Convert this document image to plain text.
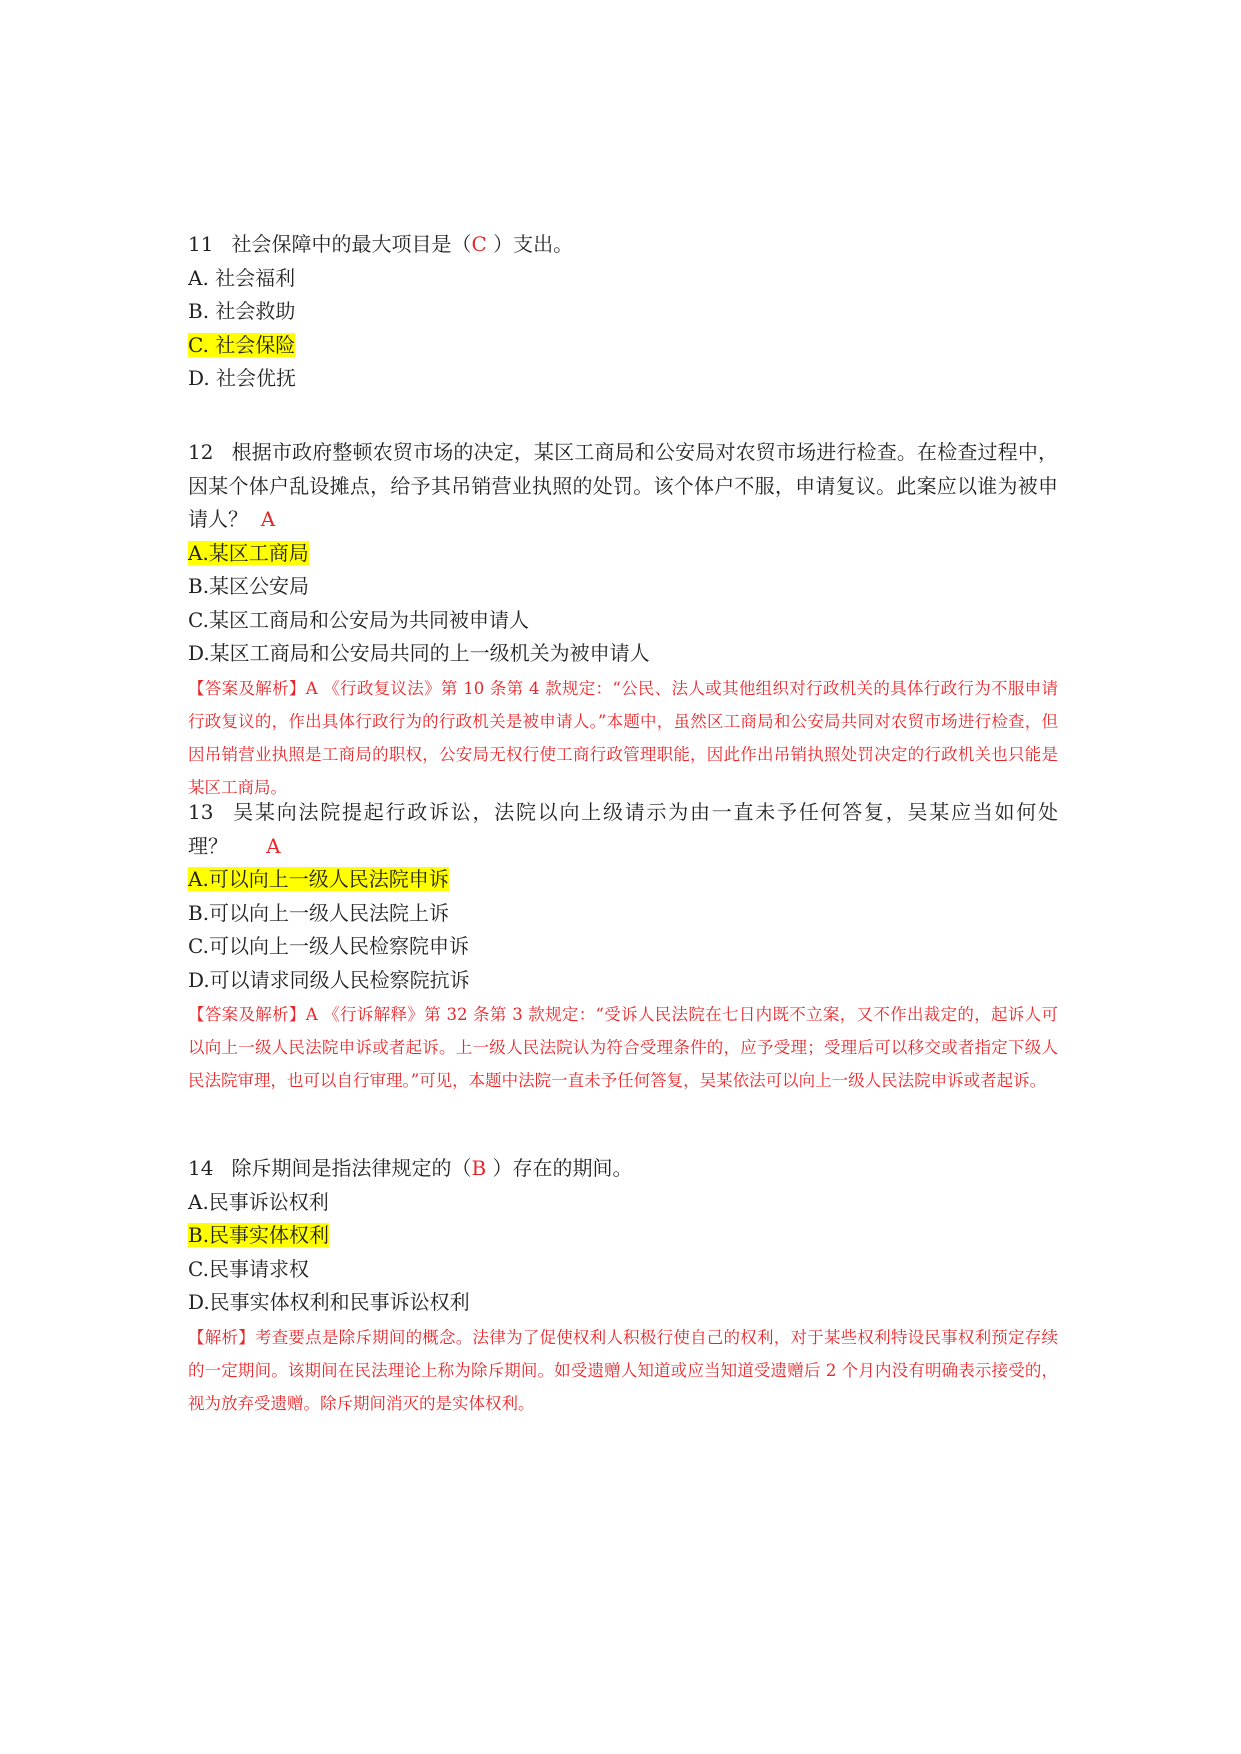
11 社会保障中的最大项目是（C ）支出。
A. 社会福利
B. 社会救助
C. 社会保险
D. 社会优抚
12 根据市政府整顿农贸市场的决定，某区工商局和公安局对农贸市场进行检查。在检查过程中，因某个体户乱设摊点，给予其吊销营业执照的处罚。该个体户不服，申请复议。此案应以谁为被申请人？ A
A.某区工商局
B.某区公安局
C.某区工商局和公安局为共同被申请人
D.某区工商局和公安局共同的上一级机关为被申请人
【答案及解析】A 《行政复议法》第 10 条第 4 款规定：“公民、法人或其他组织对行政机关的具体行政行为不服申请行政复议的，作出具体行政行为的行政机关是被申请人。”本题中，虽然区工商局和公安局共同对农贸市场进行检查，但因吊销营业执照是工商局的职权，公安局无权行使工商行政管理职能，因此作出吊销执照处罚决定的行政机关也只能是某区工商局。
13 吴某向法院提起行政诉讼，法院以向上级请示为由一直未予任何答复，吴某应当如何处理？ A
A.可以向上一级人民法院申诉
B.可以向上一级人民法院上诉
C.可以向上一级人民检察院申诉
D.可以请求同级人民检察院抗诉
【答案及解析】A 《行诉解释》第 32 条第 3 款规定：“受诉人民法院在七日内既不立案，又不作出裁定的，起诉人可以向上一级人民法院申诉或者起诉。上一级人民法院认为符合受理条件的，应予受理；受理后可以移交或者指定下级人民法院审理，也可以自行审理。”可见，本题中法院一直未予任何答复，吴某依法可以向上一级人民法院申诉或者起诉。
14 除斥期间是指法律规定的（B ）存在的期间。
A.民事诉讼权利
B.民事实体权利
C.民事请求权
D.民事实体权利和民事诉讼权利
【解析】考查要点是除斥期间的概念。法律为了促使权利人积极行使自己的权利，对于某些权利特设民事权利预定存续的一定期间。该期间在民法理论上称为除斥期间。如受遗赠人知道或应当知道受遗赠后 2 个月内没有明确表示接受的，视为放弃受遗赠。除斥期间消灭的是实体权利。
